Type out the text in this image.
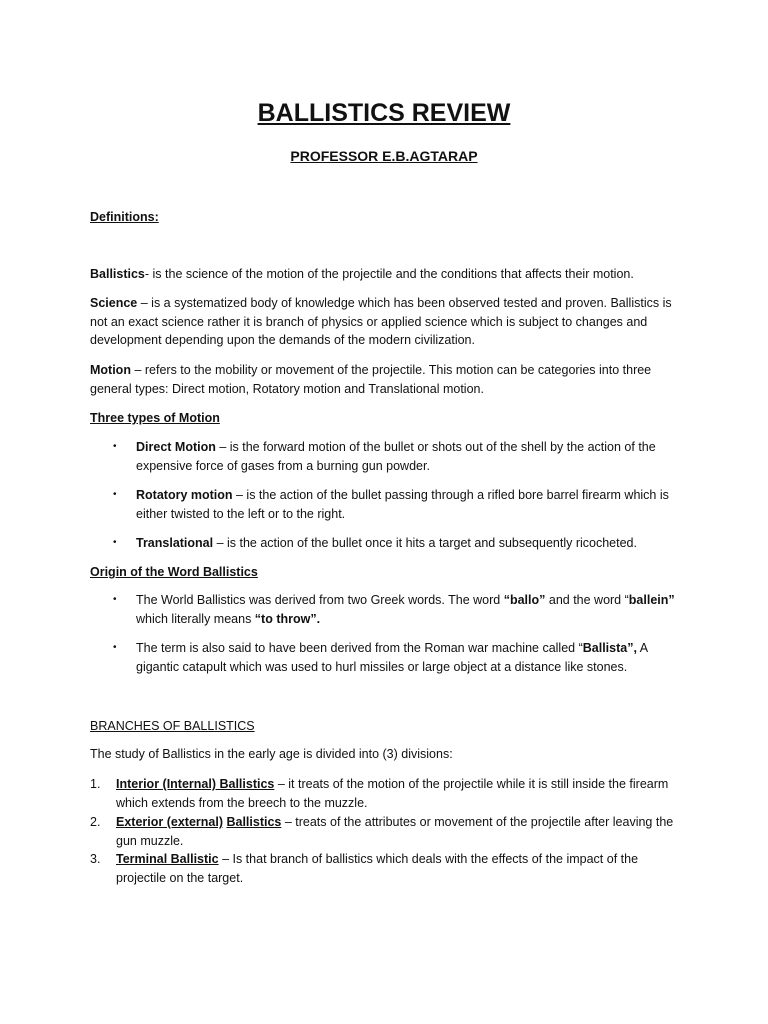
BALLISTICS REVIEW
PROFESSOR E.B.AGTARAP
Definitions:

Ballistics- is the science of the motion of the projectile and the conditions that affects their motion.

Science – is a systematized body of knowledge which has been observed tested and proven. Ballistics is not an exact science rather it is branch of physics or applied science which is subject to changes and development depending upon the demands of the modern civilization.

Motion – refers to the mobility or movement of the projectile. This motion can be categories into three general types: Direct motion, Rotatory motion and Translational motion.

Three types of Motion
• Direct Motion – is the forward motion of the bullet or shots out of the shell by the action of the expensive force of gases from a burning gun powder.

• Rotatory motion – is the action of the bullet passing through a rifled bore barrel firearm which is either twisted to the left or to the right.

• Translational – is the action of the bullet once it hits a target and subsequently ricocheted.

Origin of the Word Ballistics
• The World Ballistics was derived from two Greek words. The word “ballo” and the word “ballein” which literally means “to throw”.

• The term is also said to have been derived from the Roman war machine called “Ballista”, A gigantic catapult which was used to hurl missiles or large object at a distance like stones.

BRANCHES OF BALLISTICS
The study of Ballistics in the early age is divided into (3) divisions:
1.	Interior (Internal) Ballistics – it treats of the motion of the projectile while it is still inside the firearm which extends from the breech to the muzzle.

2.	Exterior (external) Ballistics – treats of the attributes or movement of the projectile after leaving the gun muzzle.

3.	Terminal Ballistic – Is that branch of ballistics which deals with the effects of the impact of the projectile on the target.
